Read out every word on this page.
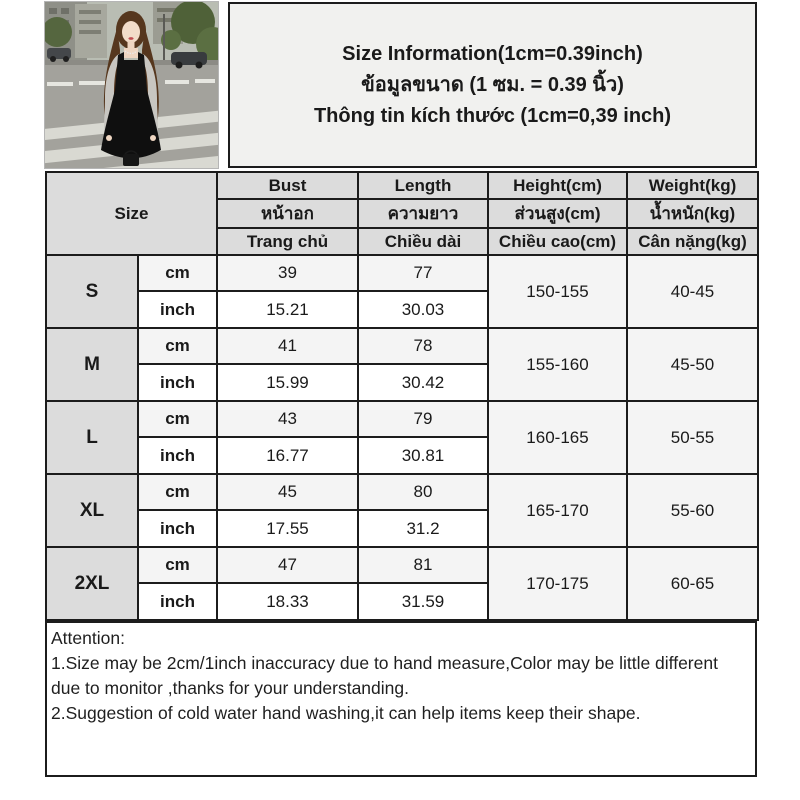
Size Information(1cm=0.39inch)
ข้อมูลขนาด (1 ซม. = 0.39 นิ้ว)
Thông tin kích thước (1cm=0,39 inch)
Size		Bust	Length	Height(cm)	Weight(kg)
		หน้าอก	ความยาว	ส่วนสูง(cm)	น้ำหนัก(kg)
		Trang chủ	Chiều dài	Chiều cao(cm)	Cân nặng(kg)
S	cm	39	77	150-155	40-45
	inch	15.21	30.03		
M	cm	41	78	155-160	45-50
	inch	15.99	30.42		
L	cm	43	79	160-165	50-55
	inch	16.77	30.81		
XL	cm	45	80	165-170	55-60
	inch	17.55	31.2		
2XL	cm	47	81	170-175	60-65
	inch	18.33	31.59		
Attention:
1.Size may be 2cm/1inch inaccuracy due to hand measure,Color may be little different due to monitor ,thanks for your understanding.
2.Suggestion of cold water hand washing,it can help items keep their shape.
